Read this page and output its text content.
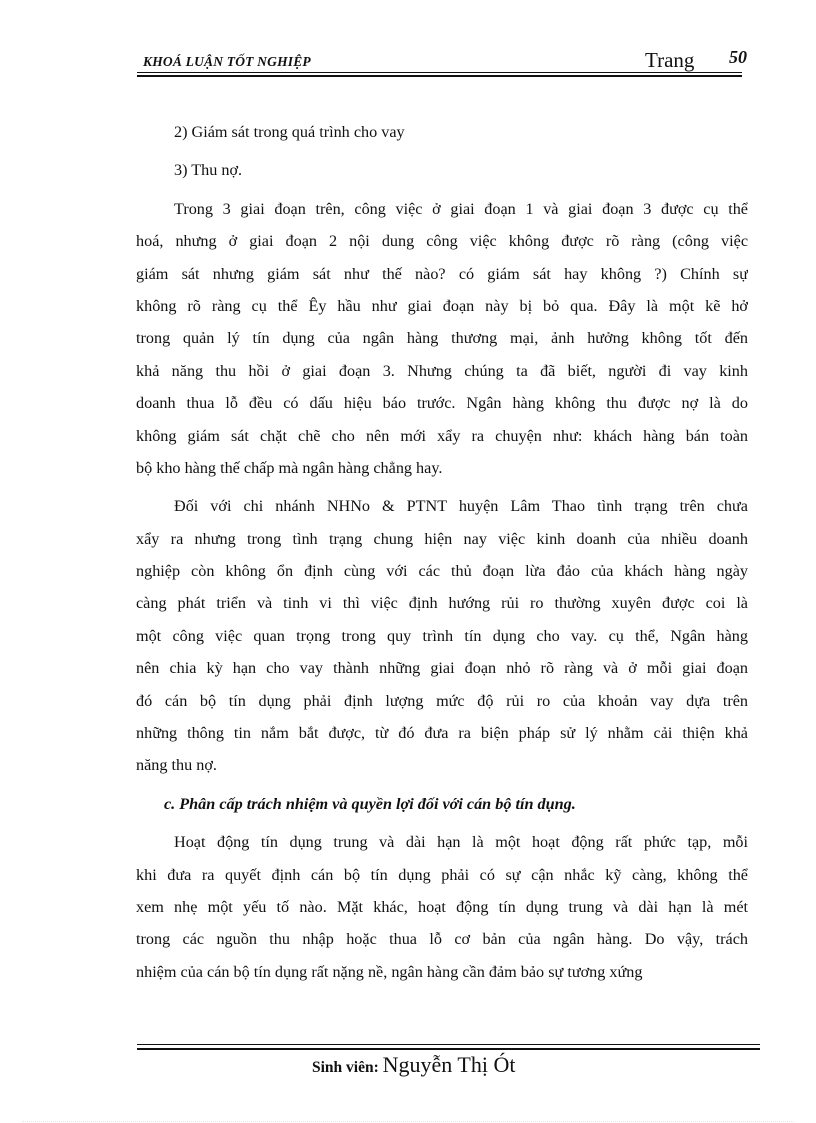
KHOÁ LUẬN TỐT NGHIỆP	Trang 50
2) Giám sát trong quá trình cho vay
3) Thu nợ.
Trong 3 giai đoạn trên, công việc ở giai đoạn 1 và giai đoạn 3 được cụ thể
hoá, nhưng ở giai đoạn 2 nội dung công việc không được rõ ràng (công việc
giám sát nhưng giám sát như thế nào? có giám sát hay không ?) Chính sự
không rõ ràng cụ thể Êy hầu như giai đoạn này bị bỏ qua. Đây là một kẽ hở
trong quản lý tín dụng của ngân hàng thương mại, ảnh hưởng không tốt đến
khả năng thu hồi ở giai đoạn 3. Nhưng chúng ta đã biết, người đi vay kinh
doanh thua lỗ đều có dấu hiệu báo trước. Ngân hàng không thu được nợ là do
không giám sát chặt chẽ cho nên mới xẩy ra chuyện như: khách hàng bán toàn
bộ kho hàng thế chấp mà ngân hàng chẳng hay.
Đối với chi nhánh NHNo & PTNT huyện Lâm Thao tình trạng trên chưa
xẩy ra nhưng trong tình trạng chung hiện nay việc kinh doanh của nhiều doanh
nghiệp còn không ổn định cùng với các thủ đoạn lừa đảo của khách hàng ngày
càng phát triển và tinh vi thì việc định hướng rủi ro thường xuyên được coi là
một công việc quan trọng trong quy trình tín dụng cho vay. cụ thể, Ngân hàng
nên chia kỳ hạn cho vay thành những giai đoạn nhỏ rõ ràng và ở mỗi giai đoạn
đó cán bộ tín dụng phải định lượng mức độ rủi ro của khoản vay dựa trên
những thông tin nắm bắt được, từ đó đưa ra biện pháp sử lý nhằm cải thiện khả
năng thu nợ.
c. Phân cấp trách nhiệm và quyền lợi đối với cán bộ tín dụng.
Hoạt động tín dụng trung và dài hạn là một hoạt động rất phức tạp, mỗi
khi đưa ra quyết định cán bộ tín dụng phải có sự cận nhắc kỹ càng, không thể
xem nhẹ một yếu tố nào. Mặt khác, hoạt động tín dụng trung và dài hạn là mét
trong các nguồn thu nhập hoặc thua lỗ cơ bản của ngân hàng. Do vậy, trách
nhiệm của cán bộ tín dụng rất nặng nề, ngân hàng cần đảm bảo sự tương xứng
Sinh viên: Nguyễn Thị Ót
